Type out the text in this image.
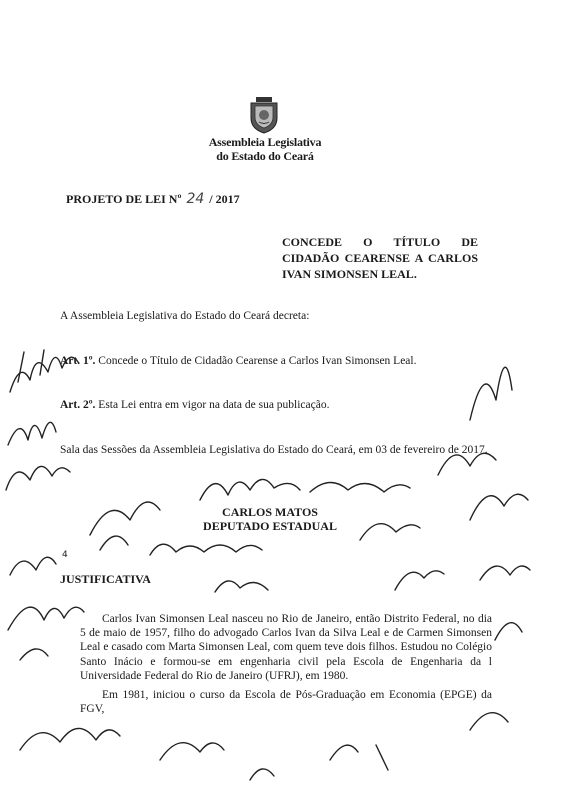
Assembleia Legislativa
do Estado do Ceará
PROJETO DE LEI Nº 24 / 2017
CONCEDE O TÍTULO DE CIDADÃO CEARENSE A CARLOS IVAN SIMONSEN LEAL.
A Assembleia Legislativa do Estado do Ceará decreta:
Art. 1º. Concede o Título de Cidadão Cearense a Carlos Ivan Simonsen Leal.
Art. 2º. Esta Lei entra em vigor na data de sua publicação.
Sala das Sessões da Assembleia Legislativa do Estado do Ceará, em 03 de fevereiro de 2017.
CARLOS MATOS
DEPUTADO ESTADUAL
4
JUSTIFICATIVA
Carlos Ivan Simonsen Leal nasceu no Rio de Janeiro, então Distrito Federal, no dia 5 de maio de 1957, filho do advogado Carlos Ivan da Silva Leal e de Carmen Simonsen Leal e casado com Marta Simonsen Leal, com quem teve dois filhos. Estudou no Colégio Santo Inácio e formou-se em engenharia civil pela Escola de Engenharia da l Universidade Federal do Rio de Janeiro (UFRJ), em 1980.
Em 1981, iniciou o curso da Escola de Pós-Graduação em Economia (EPGE) da FGV,
